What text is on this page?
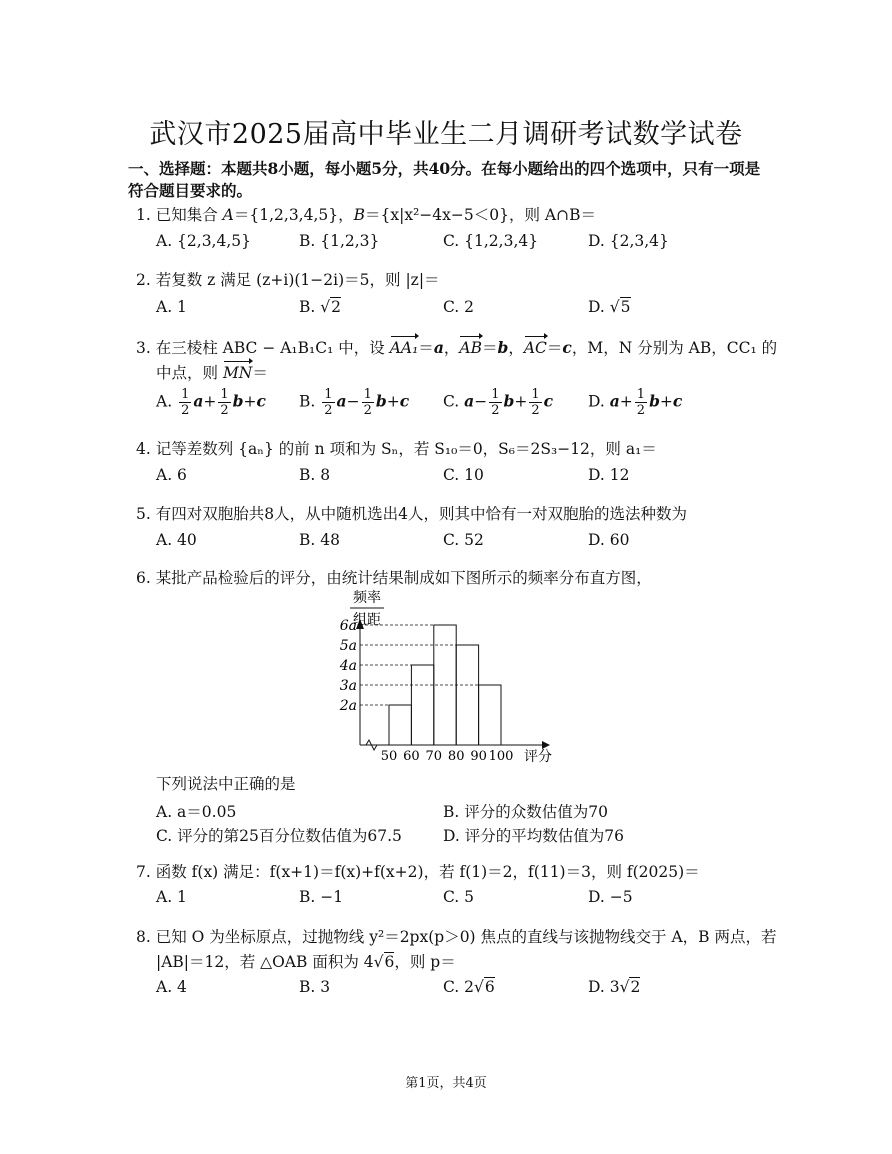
武汉市2025届高中毕业生二月调研考试数学试卷
一、选择题：本题共8小题，每小题5分，共40分。在每小题给出的四个选项中，只有一项是
符合题目要求的。
1. 已知集合 A＝{1,2,3,4,5}，B＝{x|x²−4x−5＜0}，则 A∩B＝
A. {2,3,4,5}	B. {1,2,3}	C. {1,2,3,4}	D. {2,3,4}
2. 若复数 z 满足 (z+i)(1−2i)＝5，则 |z|＝
A. 1	B. √2	C. 2	D. √5
3. 在三棱柱 ABC − A₁B₁C₁ 中，设 AA₁＝a，AB＝b，AC＝c，M，N 分别为 AB，CC₁ 的
中点，则 MN＝
A. $\frac{1}{2} a+ \frac{1}{2} b+c$ B. $\frac{1}{2} a- \frac{1}{2} b+c$ C. $a- \frac{1}{2} b+ \frac{1}{2}$ c D. $a+ \frac{1}{2} b+c$
4. 记等差数列 {aₙ} 的前 n 项和为 Sₙ，若 S₁₀＝0，S₆＝2S₃−12，则 a₁＝
A. 6	B. 8	C. 10	D. 12
5. 有四对双胞胎共8人，从中随机选出4人，则其中恰有一对双胞胎的选法种数为
A. 40	B. 48	C. 52	D. 60
6. 某批产品检验后的评分，由统计结果制成如下图所示的频率分布直方图，
2a
3a
4a
5a
6a
50 60 70 80 90 100
频率
组距
评分
下列说法中正确的是
A. a＝0.05	B. 评分的众数估值为70
C. 评分的第25百分位数估值为67.5	D. 评分的平均数估值为76
7. 函数 f(x) 满足：f(x+1)＝f(x)+f(x+2)，若 f(1)＝2，f(11)＝3，则 f(2025)＝
A. 1	B. −1	C. 5	D. −5
8. 已知 O 为坐标原点，过抛物线 y²＝2px(p＞0) 焦点的直线与该抛物线交于 A，B 两点，若
|AB|＝12，若 △OAB 面积为 4√6，则 p＝
A. 4	B. 3	C. 2√6	D. 3√2
第1页，共4页
